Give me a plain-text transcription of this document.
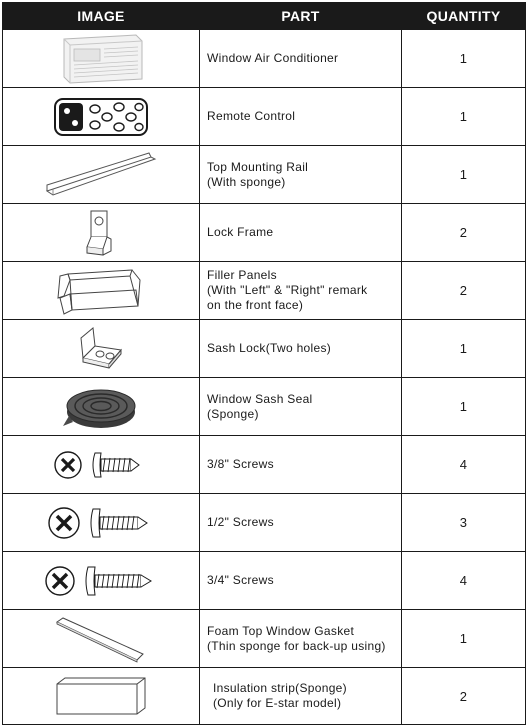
IMAGE	PART	QUANTITY

Window Air Conditioner	1

Remote Control	1

Top Mounting Rail
(With sponge)	1

Lock Frame	2

Filler Panels
(With "Left" & "Right" remark
on the front face)	2

Sash Lock(Two holes)	1

Window Sash Seal
(Sponge)	1

3/8" Screws	4

1/2" Screws	3

3/4" Screws	4

Foam Top Window Gasket
(Thin sponge for back-up using)	1

Insulation strip(Sponge)
(Only for E-star model)	2
